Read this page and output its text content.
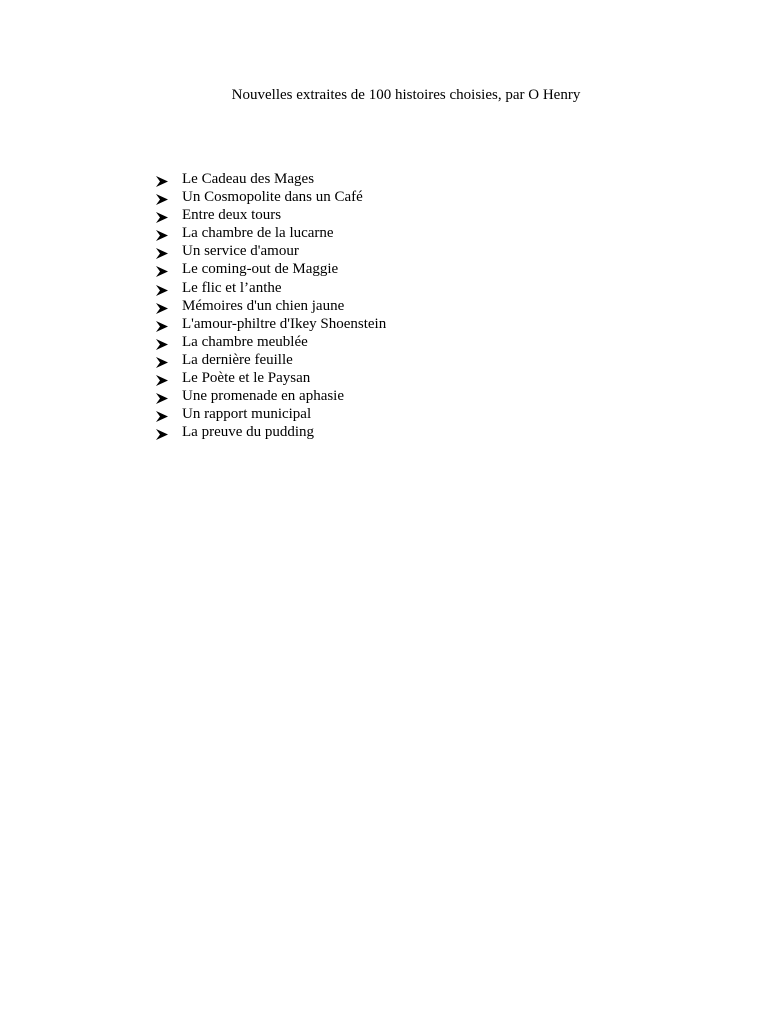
Nouvelles extraites de 100 histoires choisies, par O Henry
Le Cadeau des Mages
Un Cosmopolite dans un Café
Entre deux tours
La chambre de la lucarne
Un service d'amour
Le coming-out de Maggie
Le flic et l’anthe
Mémoires d'un chien jaune
L'amour-philtre d'Ikey Shoenstein
La chambre meublée
La dernière feuille
Le Poète et le Paysan
Une promenade en aphasie
Un rapport municipal
La preuve du pudding
